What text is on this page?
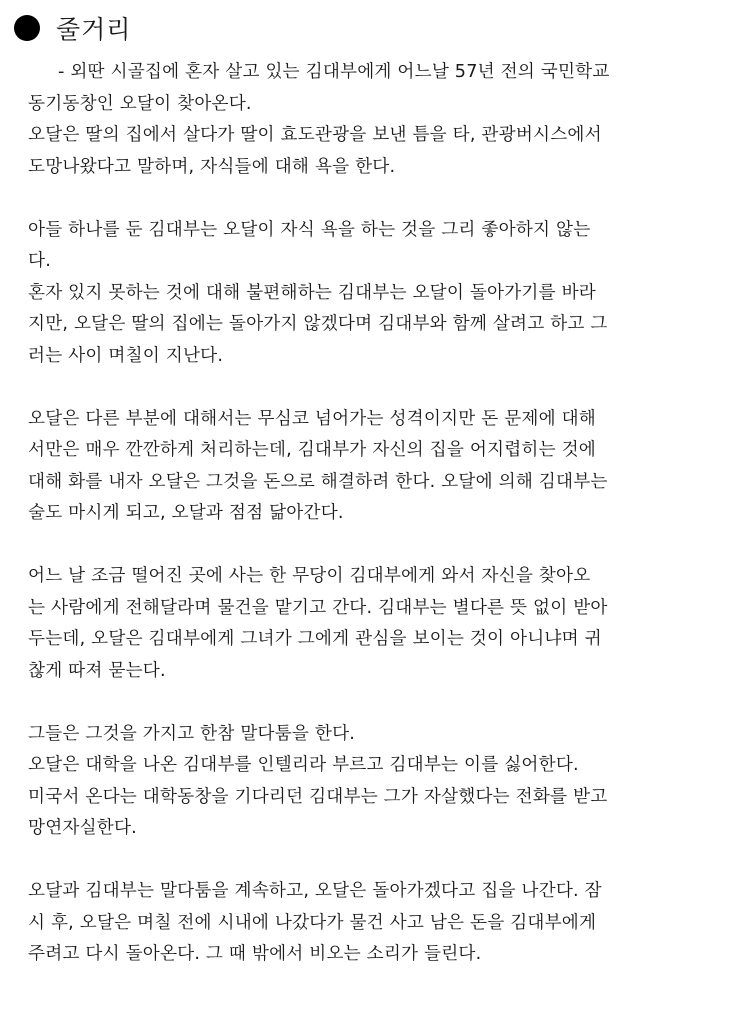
줄거리
- 외딴 시골집에 혼자 살고 있는 김대부에게 어느날 57년 전의 국민학교
동기동창인 오달이 찾아온다.
오달은 딸의 집에서 살다가 딸이 효도관광을 보낸 틈을 타, 관광버시스에서
도망나왔다고 말하며, 자식들에 대해 욕을 한다.
아들 하나를 둔 김대부는 오달이 자식 욕을 하는 것을 그리 좋아하지 않는
다.
혼자 있지 못하는 것에 대해 불편해하는 김대부는 오달이 돌아가기를 바라
지만, 오달은 딸의 집에는 돌아가지 않겠다며 김대부와 함께 살려고 하고 그
러는 사이 며칠이 지난다.
오달은 다른 부분에 대해서는 무심코 넘어가는 성격이지만 돈 문제에 대해
서만은 매우 깐깐하게 처리하는데, 김대부가 자신의 집을 어지렵히는 것에
대해 화를 내자 오달은 그것을 돈으로 해결하려 한다. 오달에 의해 김대부는
술도 마시게 되고, 오달과 점점 닮아간다.
어느 날 조금 떨어진 곳에 사는 한 무당이 김대부에게 와서 자신을 찾아오
는 사람에게 전해달라며 물건을 맡기고 간다. 김대부는 별다른 뜻 없이 받아
두는데, 오달은 김대부에게 그녀가 그에게 관심을 보이는 것이 아니냐며 귀
찮게 따져 묻는다.
그들은 그것을 가지고 한참 말다툼을 한다.
오달은 대학을 나온 김대부를 인텔리라 부르고 김대부는 이를 싫어한다.
미국서 온다는 대학동창을 기다리던 김대부는 그가 자살했다는 전화를 받고
망연자실한다.
오달과 김대부는 말다툼을 계속하고, 오달은 돌아가겠다고 집을 나간다. 잠
시 후, 오달은 며칠 전에 시내에 나갔다가 물건 사고 남은 돈을 김대부에게
주려고 다시 돌아온다. 그 때 밖에서 비오는 소리가 들린다.
